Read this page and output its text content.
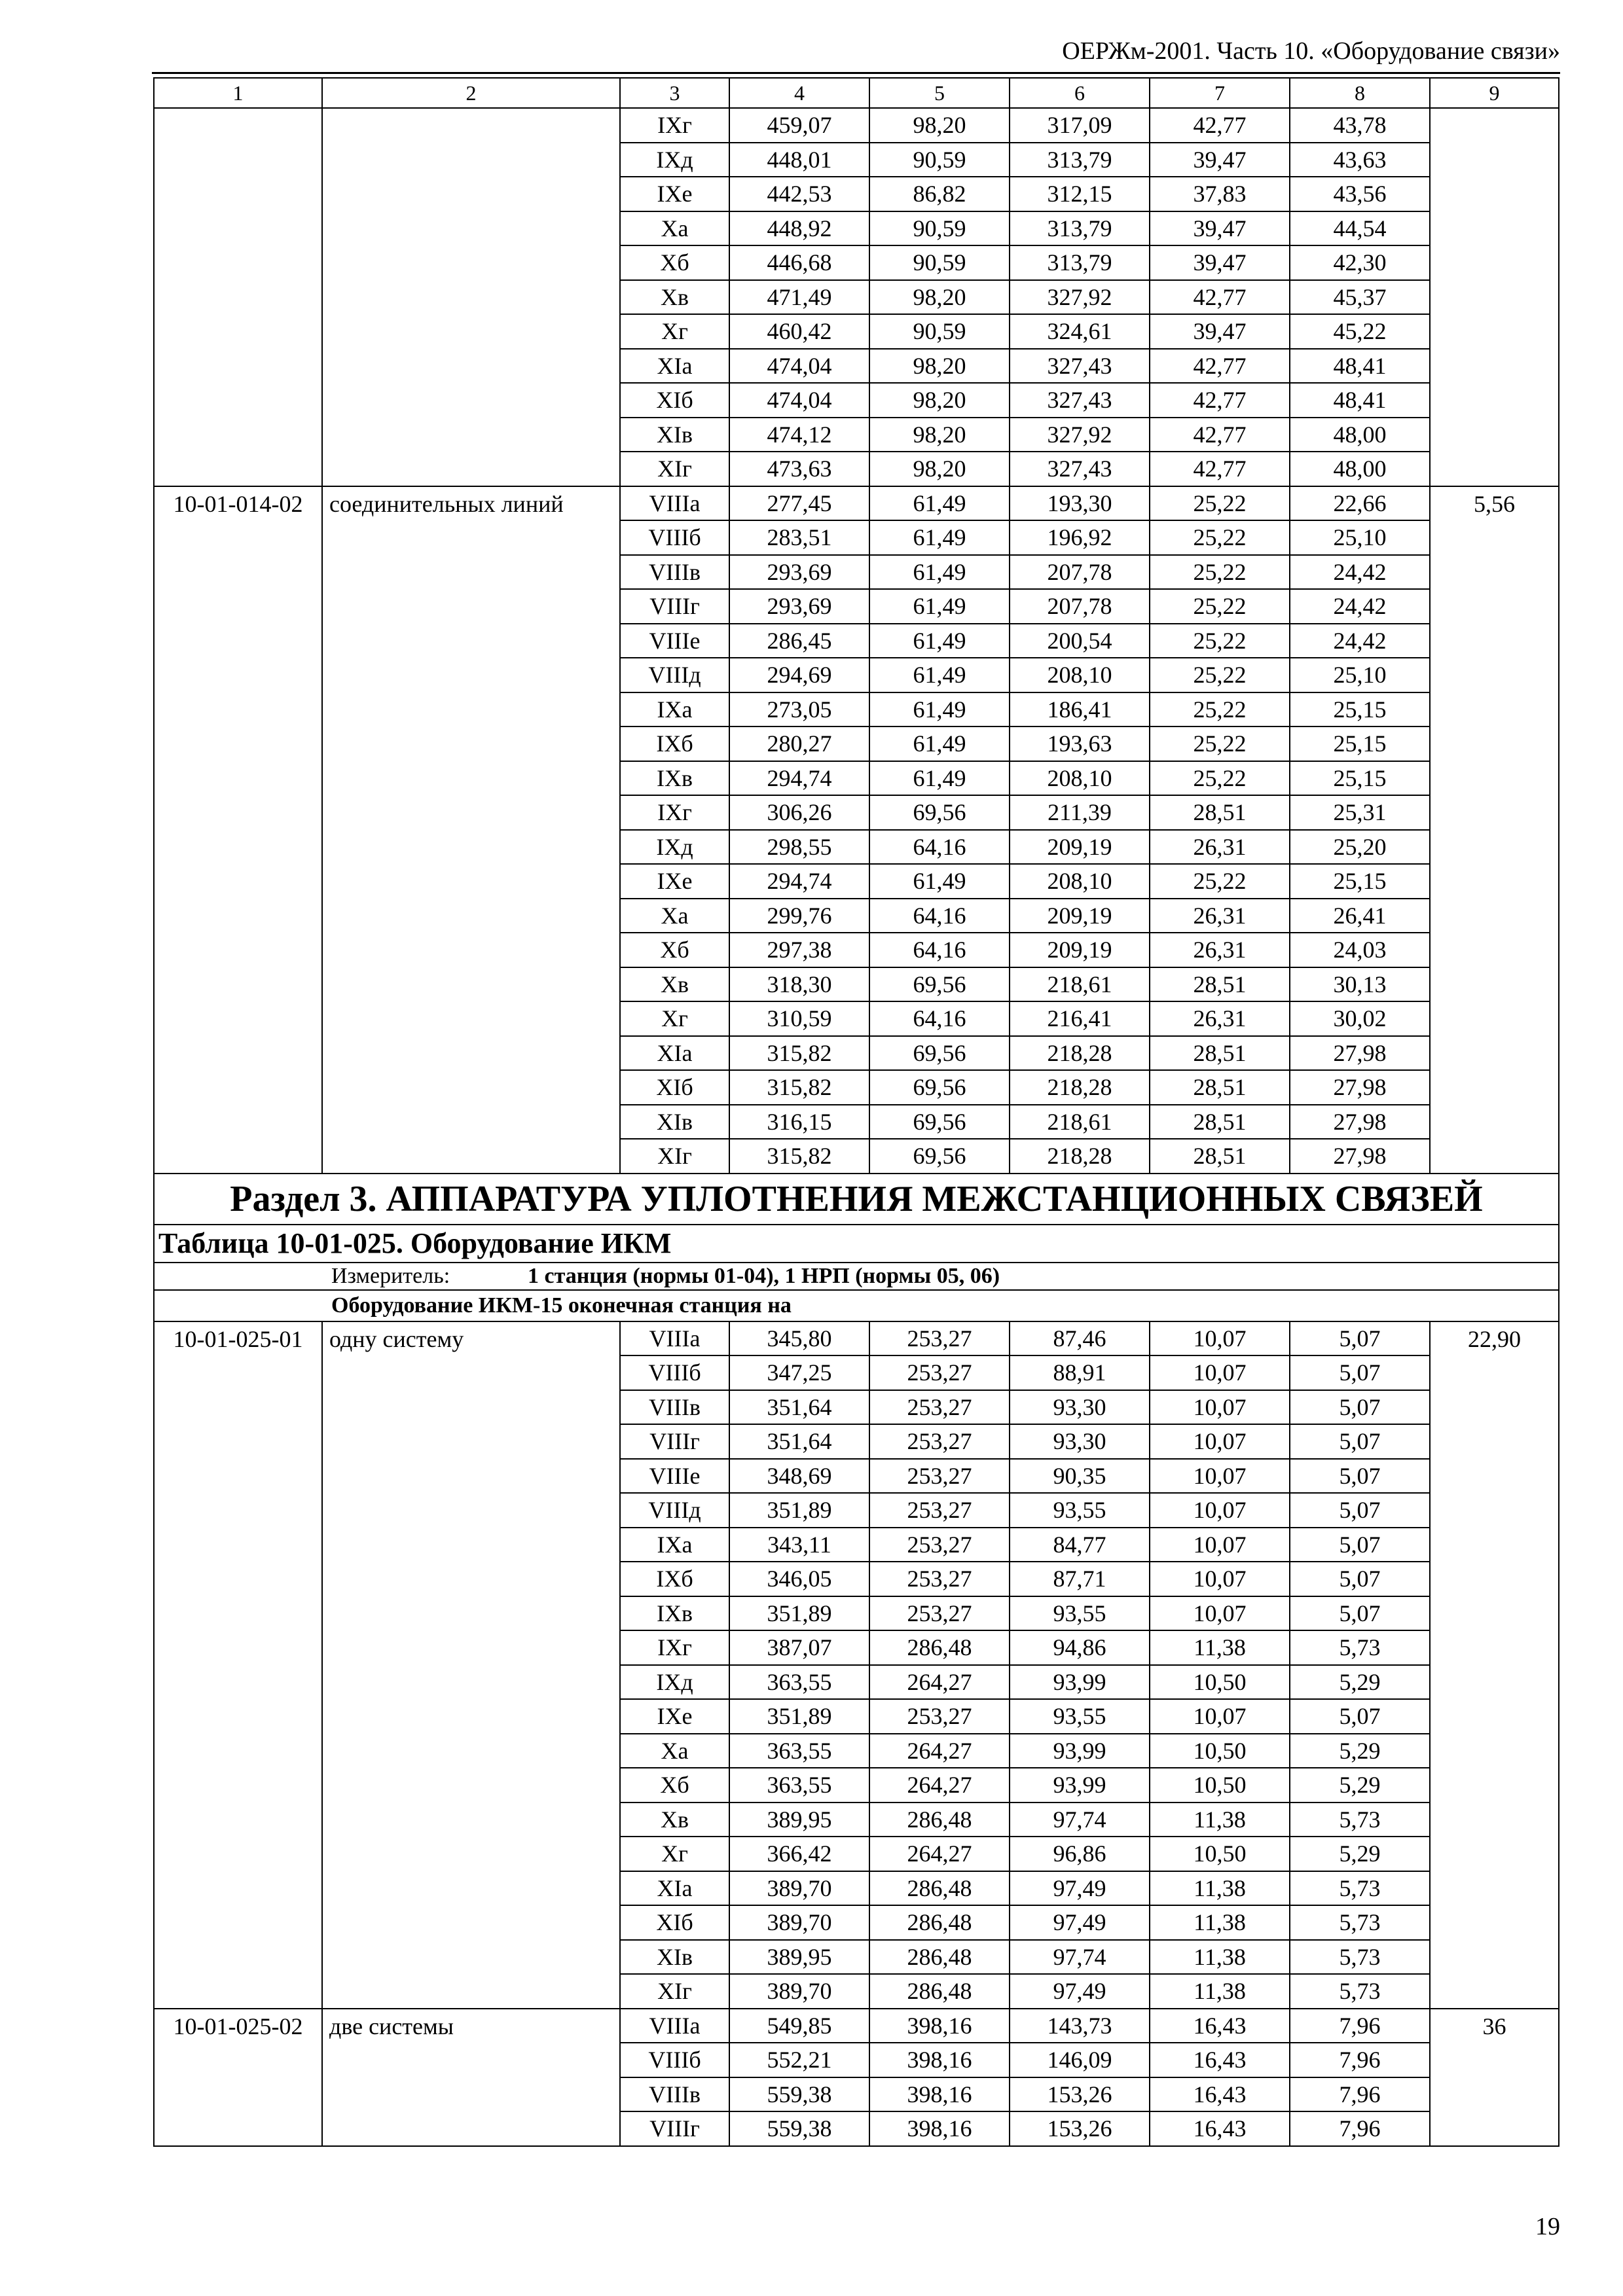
ОЕРЖм-2001. Часть 10. «Оборудование связи»
1	2	3	4	5	6	7	8	9
		IXг	459,07	98,20	317,09	42,77	43,78	
		IXд	448,01	90,59	313,79	39,47	43,63	
		IXе	442,53	86,82	312,15	37,83	43,56	
		Xа	448,92	90,59	313,79	39,47	44,54	
		Xб	446,68	90,59	313,79	39,47	42,30	
		Xв	471,49	98,20	327,92	42,77	45,37	
		Xг	460,42	90,59	324,61	39,47	45,22	
		XIа	474,04	98,20	327,43	42,77	48,41	
		XIб	474,04	98,20	327,43	42,77	48,41	
		XIв	474,12	98,20	327,92	42,77	48,00	
		XIг	473,63	98,20	327,43	42,77	48,00	
10-01-014-02	соединительных линий	VIIIа	277,45	61,49	193,30	25,22	22,66	5,56
		VIIIб	283,51	61,49	196,92	25,22	25,10	
		VIIIв	293,69	61,49	207,78	25,22	24,42	
		VIIIг	293,69	61,49	207,78	25,22	24,42	
		VIIIе	286,45	61,49	200,54	25,22	24,42	
		VIIIд	294,69	61,49	208,10	25,22	25,10	
		IXа	273,05	61,49	186,41	25,22	25,15	
		IXб	280,27	61,49	193,63	25,22	25,15	
		IXв	294,74	61,49	208,10	25,22	25,15	
		IXг	306,26	69,56	211,39	28,51	25,31	
		IXд	298,55	64,16	209,19	26,31	25,20	
		IXе	294,74	61,49	208,10	25,22	25,15	
		Xа	299,76	64,16	209,19	26,31	26,41	
		Xб	297,38	64,16	209,19	26,31	24,03	
		Xв	318,30	69,56	218,61	28,51	30,13	
		Xг	310,59	64,16	216,41	26,31	30,02	
		XIа	315,82	69,56	218,28	28,51	27,98	
		XIб	315,82	69,56	218,28	28,51	27,98	
		XIв	316,15	69,56	218,61	28,51	27,98	
		XIг	315,82	69,56	218,28	28,51	27,98	
Раздел 3. АППАРАТУРА УПЛОТНЕНИЯ МЕЖСТАНЦИОННЫХ СВЯЗЕЙ								
Таблица 10-01-025. Оборудование ИКМ								
Измеритель: 1 станция (нормы 01-04), 1 НРП (нормы 05, 06)								
Оборудование ИКМ-15 оконечная станция на								
10-01-025-01	одну систему	VIIIа	345,80	253,27	87,46	10,07	5,07	22,90
		VIIIб	347,25	253,27	88,91	10,07	5,07	
		VIIIв	351,64	253,27	93,30	10,07	5,07	
		VIIIг	351,64	253,27	93,30	10,07	5,07	
		VIIIе	348,69	253,27	90,35	10,07	5,07	
		VIIIд	351,89	253,27	93,55	10,07	5,07	
		IXа	343,11	253,27	84,77	10,07	5,07	
		IXб	346,05	253,27	87,71	10,07	5,07	
		IXв	351,89	253,27	93,55	10,07	5,07	
		IXг	387,07	286,48	94,86	11,38	5,73	
		IXд	363,55	264,27	93,99	10,50	5,29	
		IXе	351,89	253,27	93,55	10,07	5,07	
		Xа	363,55	264,27	93,99	10,50	5,29	
		Xб	363,55	264,27	93,99	10,50	5,29	
		Xв	389,95	286,48	97,74	11,38	5,73	
		Xг	366,42	264,27	96,86	10,50	5,29	
		XIа	389,70	286,48	97,49	11,38	5,73	
		XIб	389,70	286,48	97,49	11,38	5,73	
		XIв	389,95	286,48	97,74	11,38	5,73	
		XIг	389,70	286,48	97,49	11,38	5,73	
10-01-025-02	две системы	VIIIа	549,85	398,16	143,73	16,43	7,96	36
		VIIIб	552,21	398,16	146,09	16,43	7,96	
		VIIIв	559,38	398,16	153,26	16,43	7,96	
		VIIIг	559,38	398,16	153,26	16,43	7,96	
19
